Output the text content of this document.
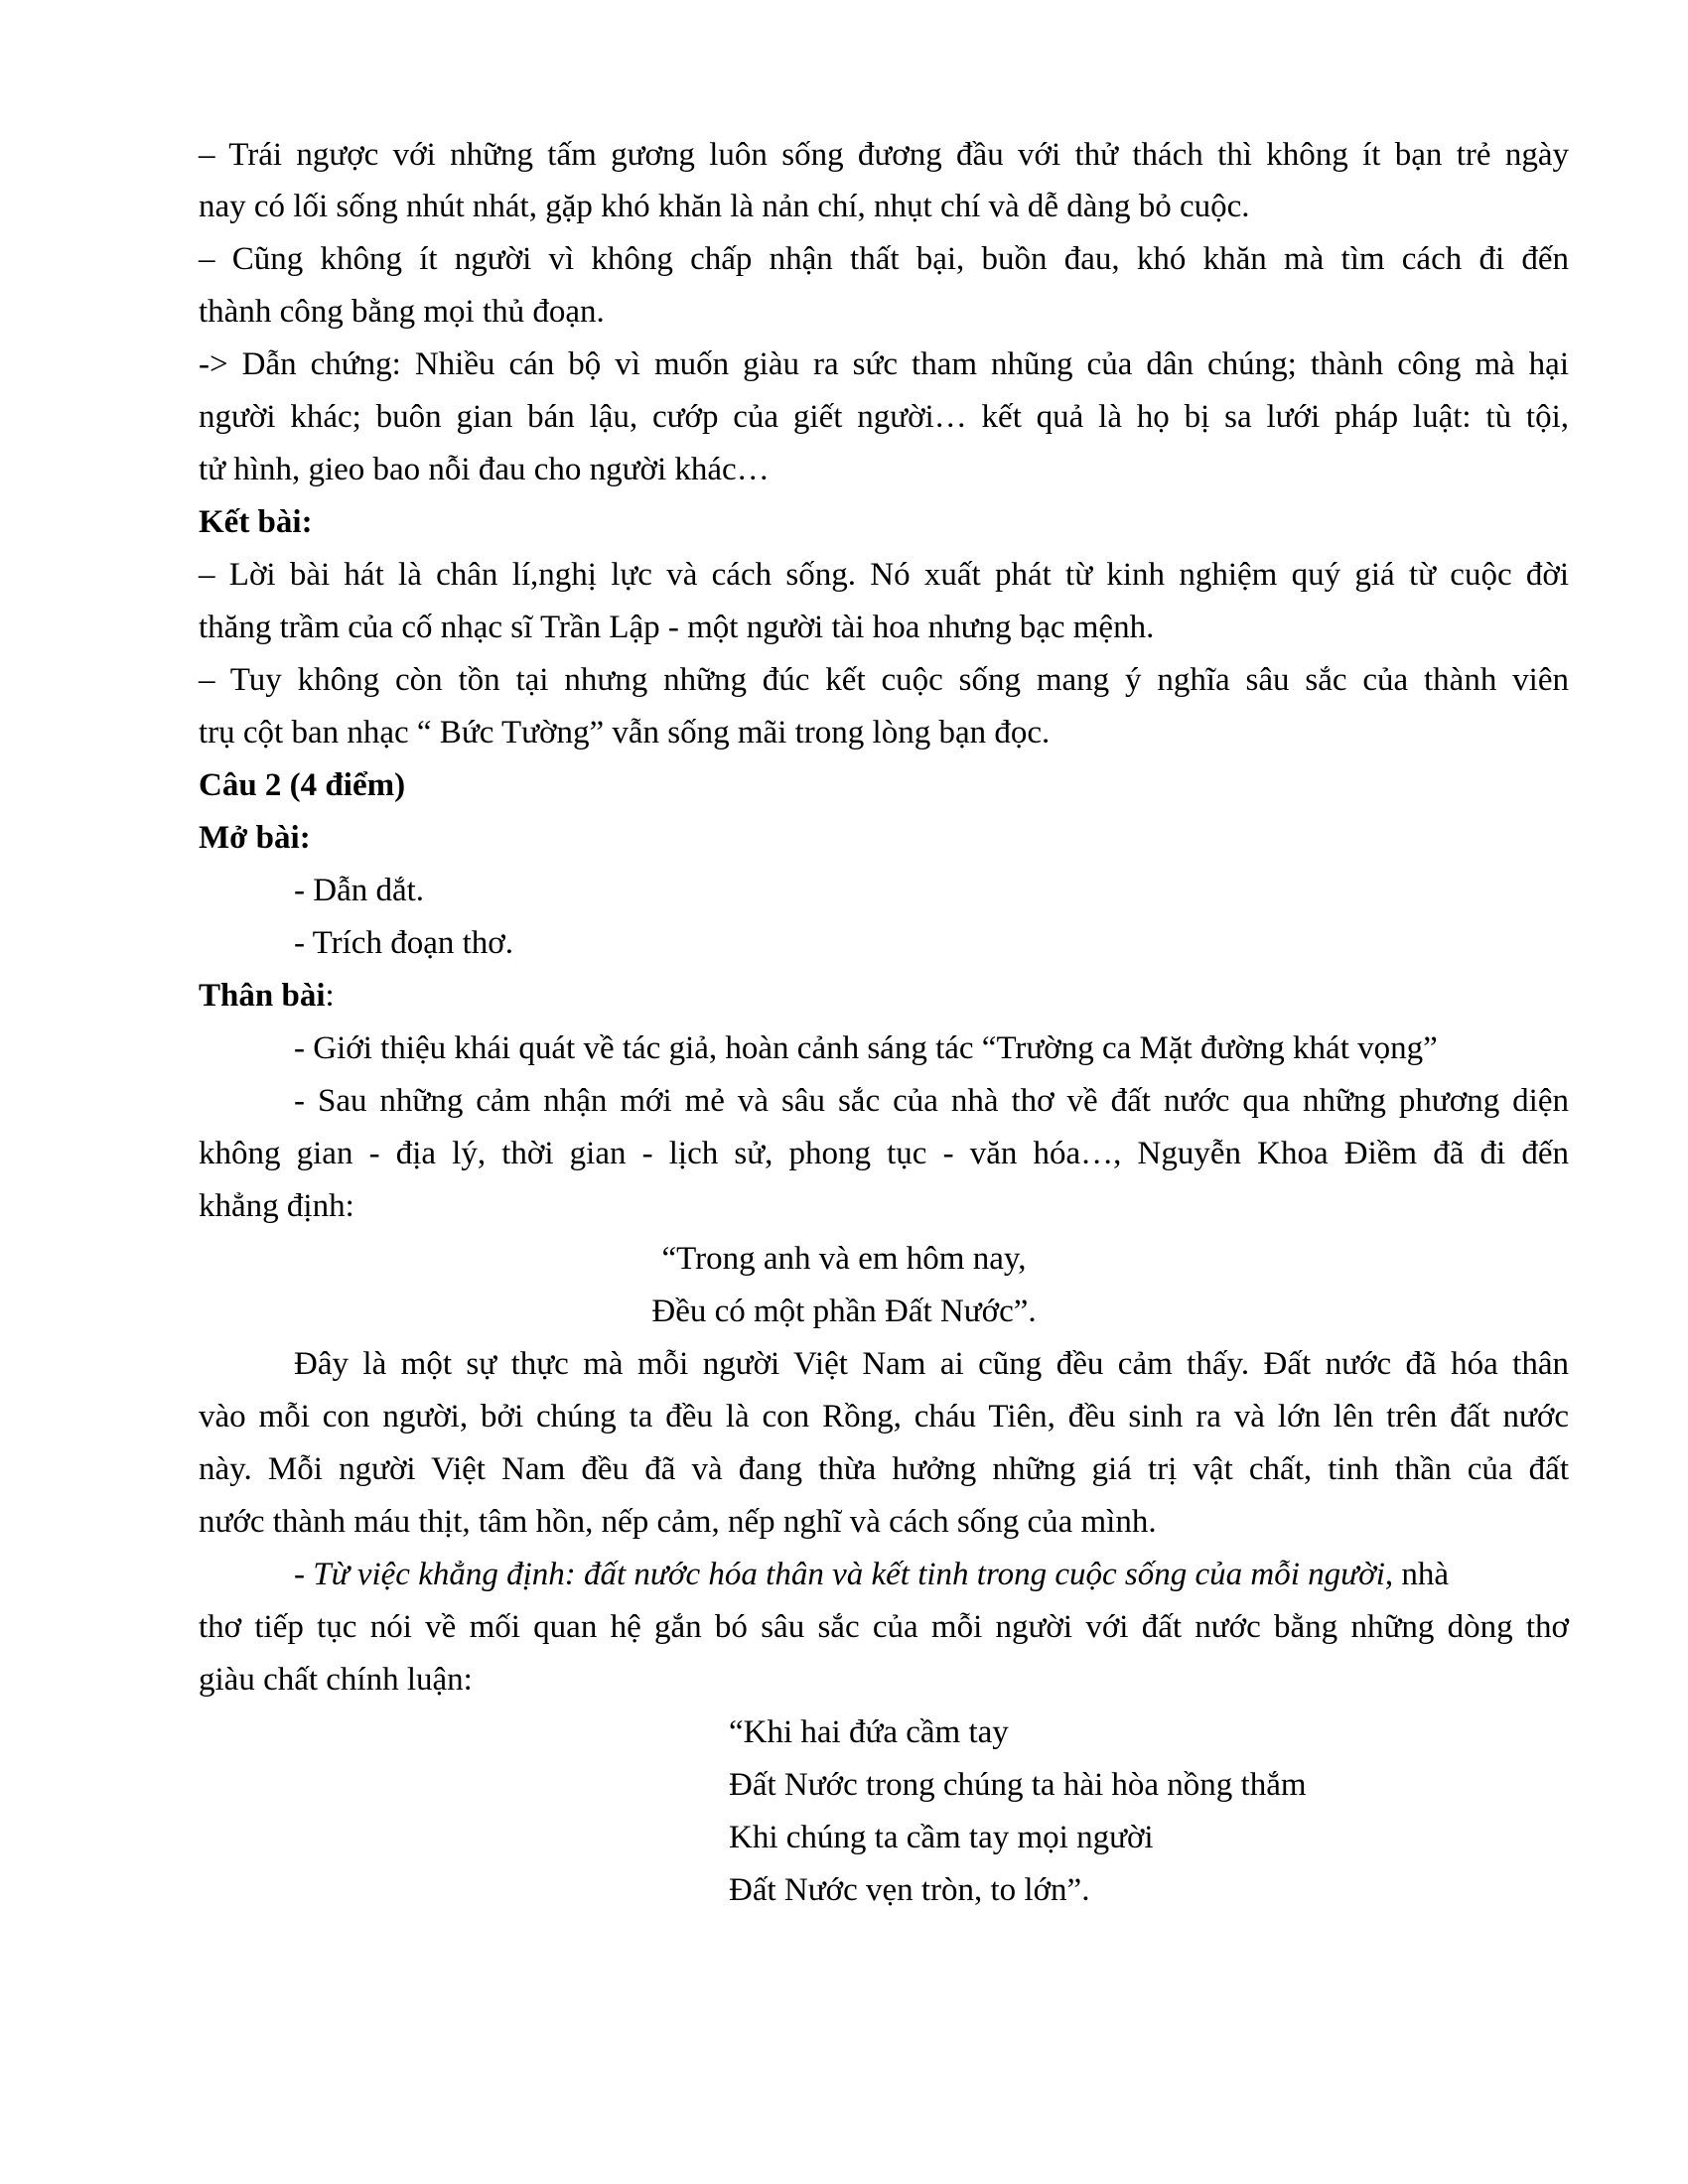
– Trái ngược với những tấm gương luôn sống đương đầu với thử thách thì không ít bạn trẻ ngày
nay có lối sống nhút nhát, gặp khó khăn là nản chí, nhụt chí và dễ dàng bỏ cuộc.
– Cũng không ít người vì không chấp nhận thất bại, buồn đau, khó khăn mà tìm cách đi đến
thành công bằng mọi thủ đoạn.
-> Dẫn chứng: Nhiều cán bộ vì muốn giàu ra sức tham nhũng của dân chúng; thành công mà hại
người khác; buôn gian bán lậu, cướp của giết người… kết quả là họ bị sa lưới pháp luật: tù tội,
tử hình, gieo bao nỗi đau cho người khác…
Kết bài:
– Lời bài hát là chân lí,nghị lực và cách sống. Nó xuất phát từ kinh nghiệm quý giá từ cuộc đời
thăng trầm của cố nhạc sĩ Trần Lập - một người tài hoa nhưng bạc mệnh.
– Tuy không còn tồn tại nhưng những đúc kết cuộc sống mang ý nghĩa sâu sắc của thành viên
trụ cột ban nhạc “ Bức Tường” vẫn sống mãi trong lòng bạn đọc.
Câu 2 (4 điểm)
Mở bài:
- Dẫn dắt.
- Trích đoạn thơ.
Thân bài:
- Giới thiệu khái quát về tác giả, hoàn cảnh sáng tác “Trường ca Mặt đường khát vọng”
- Sau những cảm nhận mới mẻ và sâu sắc của nhà thơ về đất nước qua những phương diện
không gian - địa lý, thời gian - lịch sử, phong tục - văn hóa…, Nguyễn Khoa Điềm đã đi đến
khẳng định:
“Trong anh và em hôm nay,
Đều có một phần Đất Nước”.
Đây là một sự thực mà mỗi người Việt Nam ai cũng đều cảm thấy. Đất nước đã hóa thân
vào mỗi con người, bởi chúng ta đều là con Rồng, cháu Tiên, đều sinh ra và lớn lên trên đất nước
này. Mỗi người Việt Nam đều đã và đang thừa hưởng những giá trị vật chất, tinh thần của đất
nước thành máu thịt, tâm hồn, nếp cảm, nếp nghĩ và cách sống của mình.
- Từ việc khẳng định: đất nước hóa thân và kết tinh trong cuộc sống của mỗi người, nhà
thơ tiếp tục nói về mối quan hệ gắn bó sâu sắc của mỗi người với đất nước bằng những dòng thơ
giàu chất chính luận:
“Khi hai đứa cầm tay
Đất Nước trong chúng ta hài hòa nồng thắm
Khi chúng ta cầm tay mọi người
Đất Nước vẹn tròn, to lớn”.
